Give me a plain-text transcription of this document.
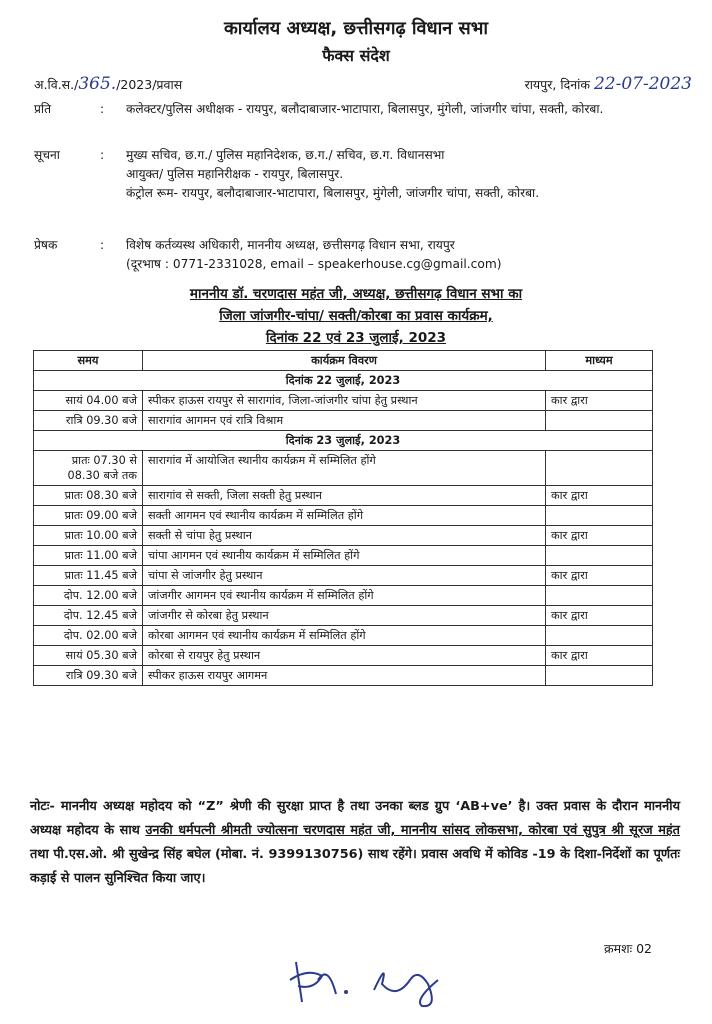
कार्यालय अध्यक्ष, छत्तीसगढ़ विधान सभा
फैक्स संदेश
अ.वि.स./365./2023/प्रवास	रायपुर, दिनांक 22-07-2023
प्रति	: कलेक्टर/पुलिस अधीक्षक - रायपुर, बलौदाबाजार-भाटापारा, बिलासपुर, मुंगेली, जांजगीर चांपा, सक्ती, कोरबा.
सूचना	: मुख्य सचिव, छ.ग./ पुलिस महानिदेशक, छ.ग./ सचिव, छ.ग. विधानसभा
आयुक्त/ पुलिस महानिरीक्षक - रायपुर, बिलासपुर.
कंट्रोल रूम- रायपुर, बलौदाबाजार-भाटापारा, बिलासपुर, मुंगेली, जांजगीर चांपा, सक्ती, कोरबा.
प्रेषक	: विशेष कर्तव्यस्थ अधिकारी, माननीय अध्यक्ष, छत्तीसगढ़ विधान सभा, रायपुर
(दूरभाष : 0771-2331028, email – speakerhouse.cg@gmail.com)
माननीय डॉ. चरणदास महंत जी, अध्यक्ष, छत्तीसगढ़ विधान सभा का
जिला जांजगीर-चांपा/ सक्ती/कोरबा का प्रवास कार्यक्रम,
दिनांक 22 एवं 23 जुलाई, 2023
समय	कार्यक्रम विवरण	माध्यम
दिनांक 22 जुलाई, 2023		
सायं 04.00 बजे	स्पीकर हाऊस रायपुर से सारागांव, जिला-जांजगीर चांपा हेतु प्रस्थान	कार द्वारा
रात्रि 09.30 बजे	सारागांव आगमन एवं रात्रि विश्राम	
दिनांक 23 जुलाई, 2023		
प्रातः 07.30 से 08.30 बजे तक	सारागांव में आयोजित स्थानीय कार्यक्रम में सम्मिलित होंगे	
प्रातः 08.30 बजे	सारागांव से सक्ती, जिला सक्ती हेतु प्रस्थान	कार द्वारा
प्रातः 09.00 बजे	सक्ती आगमन एवं स्थानीय कार्यक्रम में सम्मिलित होंगे	
प्रातः 10.00 बजे	सक्ती से चांपा हेतु प्रस्थान	कार द्वारा
प्रातः 11.00 बजे	चांपा आगमन एवं स्थानीय कार्यक्रम में सम्मिलित होंगे	
प्रातः 11.45 बजे	चांपा से जांजगीर हेतु प्रस्थान	कार द्वारा
दोप. 12.00 बजे	जांजगीर आगमन एवं स्थानीय कार्यक्रम में सम्मिलित होंगे	
दोप. 12.45 बजे	जांजगीर से कोरबा हेतु प्रस्थान	कार द्वारा
दोप. 02.00 बजे	कोरबा आगमन एवं स्थानीय कार्यक्रम में सम्मिलित होंगे	
सायं 05.30 बजे	कोरबा से रायपुर हेतु प्रस्थान	कार द्वारा
रात्रि 09.30 बजे	स्पीकर हाऊस रायपुर आगमन	
नोटः- माननीय अध्यक्ष महोदय को “Z” श्रेणी की सुरक्षा प्राप्त है तथा उनका ब्लड ग्रुप ‘AB+ve’ है। उक्त प्रवास के दौरान माननीय अध्यक्ष महोदय के साथ उनकी धर्मपत्नी श्रीमती ज्योत्सना चरणदास महंत जी, माननीय सांसद लोकसभा, कोरबा एवं सुपुत्र श्री सूरज महंत तथा पी.एस.ओ. श्री सुखेन्द्र सिंह बघेल (मोबा. नं. 9399130756) साथ रहेंगे। प्रवास अवधि में कोविड -19 के दिशा-निर्देशों का पूर्णतः कड़ाई से पालन सुनिश्चित किया जाए।
क्रमशः 02
